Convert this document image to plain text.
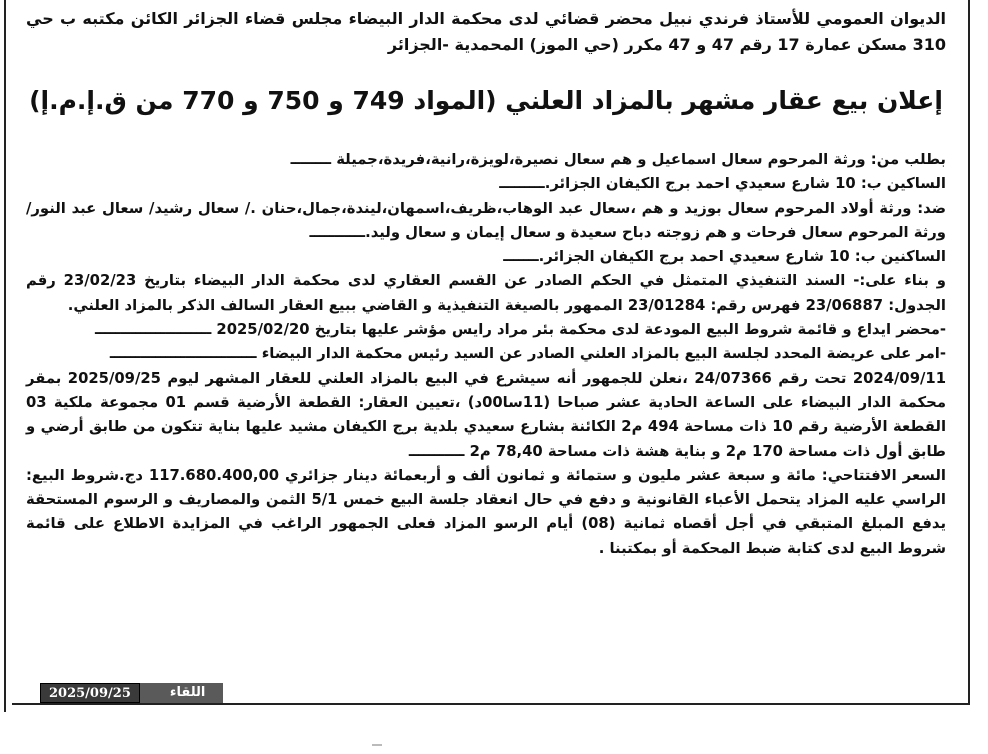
الديوان العمومي للأستاذ فرندي نبيل محضر قضائي لدى محكمة الدار البيضاء مجلس قضاء الجزائر الكائن مكتبه ب حي 310 مسكن عمارة 17 رقم 47 و 47 مكرر (حي الموز) المحمدية -الجزائر
إعلان بيع عقار مشهر بالمزاد العلني (المواد 749 و 750 و 770 من ق.إ.م.إ)

بطلب من: ورثة المرحوم سعال اسماعيل و هم سعال نصيرة،لويزة،رانية،فريدة،جميلة ــــــــ

الساكين ب: 10 شارع سعيدي احمد برج الكيفان الجزائر.ـــــــــ

ضد: ورثة أولاد المرحوم سعال بوزيد و هم ،سعال عبد الوهاب،ظريف،اسمهان،ليندة،جمال،حنان ./ سعال رشيد/ سعال عبد النور/ ورثة المرحوم سعال فرحات و هم زوجته دباح سعيدة و سعال إيمان و سعال وليد.ـــــــــــ

الساكنين ب: 10 شارع سعيدي احمد برج الكيفان الجزائر.ـــــــ

و بناء على:- السند التنفيذي المتمثل في الحكم الصادر عن القسم العقاري لدى محكمة الدار البيضاء بتاريخ 23/02/23 رقم الجدول: 23/06887 فهرس رقم: 23/01284 الممهور بالصيغة التنفيذية و القاضي ببيع العقار السالف الذكر بالمزاد العلني.

-محضر ايداع و قائمة شروط البيع المودعة لدى محكمة بئر مراد رايس مؤشر عليها بتاريخ 2025/02/20 ـــــــــــــــــــــــ

-امر على عريضة المحدد لجلسة البيع بالمزاد العلني الصادر عن السيد رئيس محكمة الدار البيضاء ـــــــــــــــــــــــــــــ

2024/09/11 تحت رقم 24/07366 ،نعلن للجمهور أنه سيشرع في البيع بالمزاد العلني للعقار المشهر ليوم 2025/09/25 بمقر محكمة الدار البيضاء على الساعة الحادية عشر صباحا (11سا00د) ،تعيين العقار: القطعة الأرضية قسم 01 مجموعة ملكية 03 القطعة الأرضية رقم 10 ذات مساحة 494 م2 الكائنة بشارع سعيدي بلدية برج الكيفان مشيد عليها بناية تتكون من طابق أرضي و طابق أول ذات مساحة 170 م2 و بناية هشة ذات مساحة 78,40 م2 ـــــــــــ

السعر الافتتاحي: مائة و سبعة عشر مليون و ستمائة و ثمانون ألف و أربعمائة دينار جزائري 117.680.400,00 دج.شروط البيع: الراسي عليه المزاد يتحمل الأعباء القانونية و دفع في حال انعقاد جلسة البيع خمس 5/1 الثمن والمصاريف و الرسوم المستحقة يدفع المبلغ المتبقي في أجل أقصاه ثمانية (08) أيام الرسو المزاد فعلى الجمهور الراغب في المزايدة الاطلاع على قائمة شروط البيع لدى كتابة ضبط المحكمة أو بمكتبنا .

2025/09/25	اللقاء
